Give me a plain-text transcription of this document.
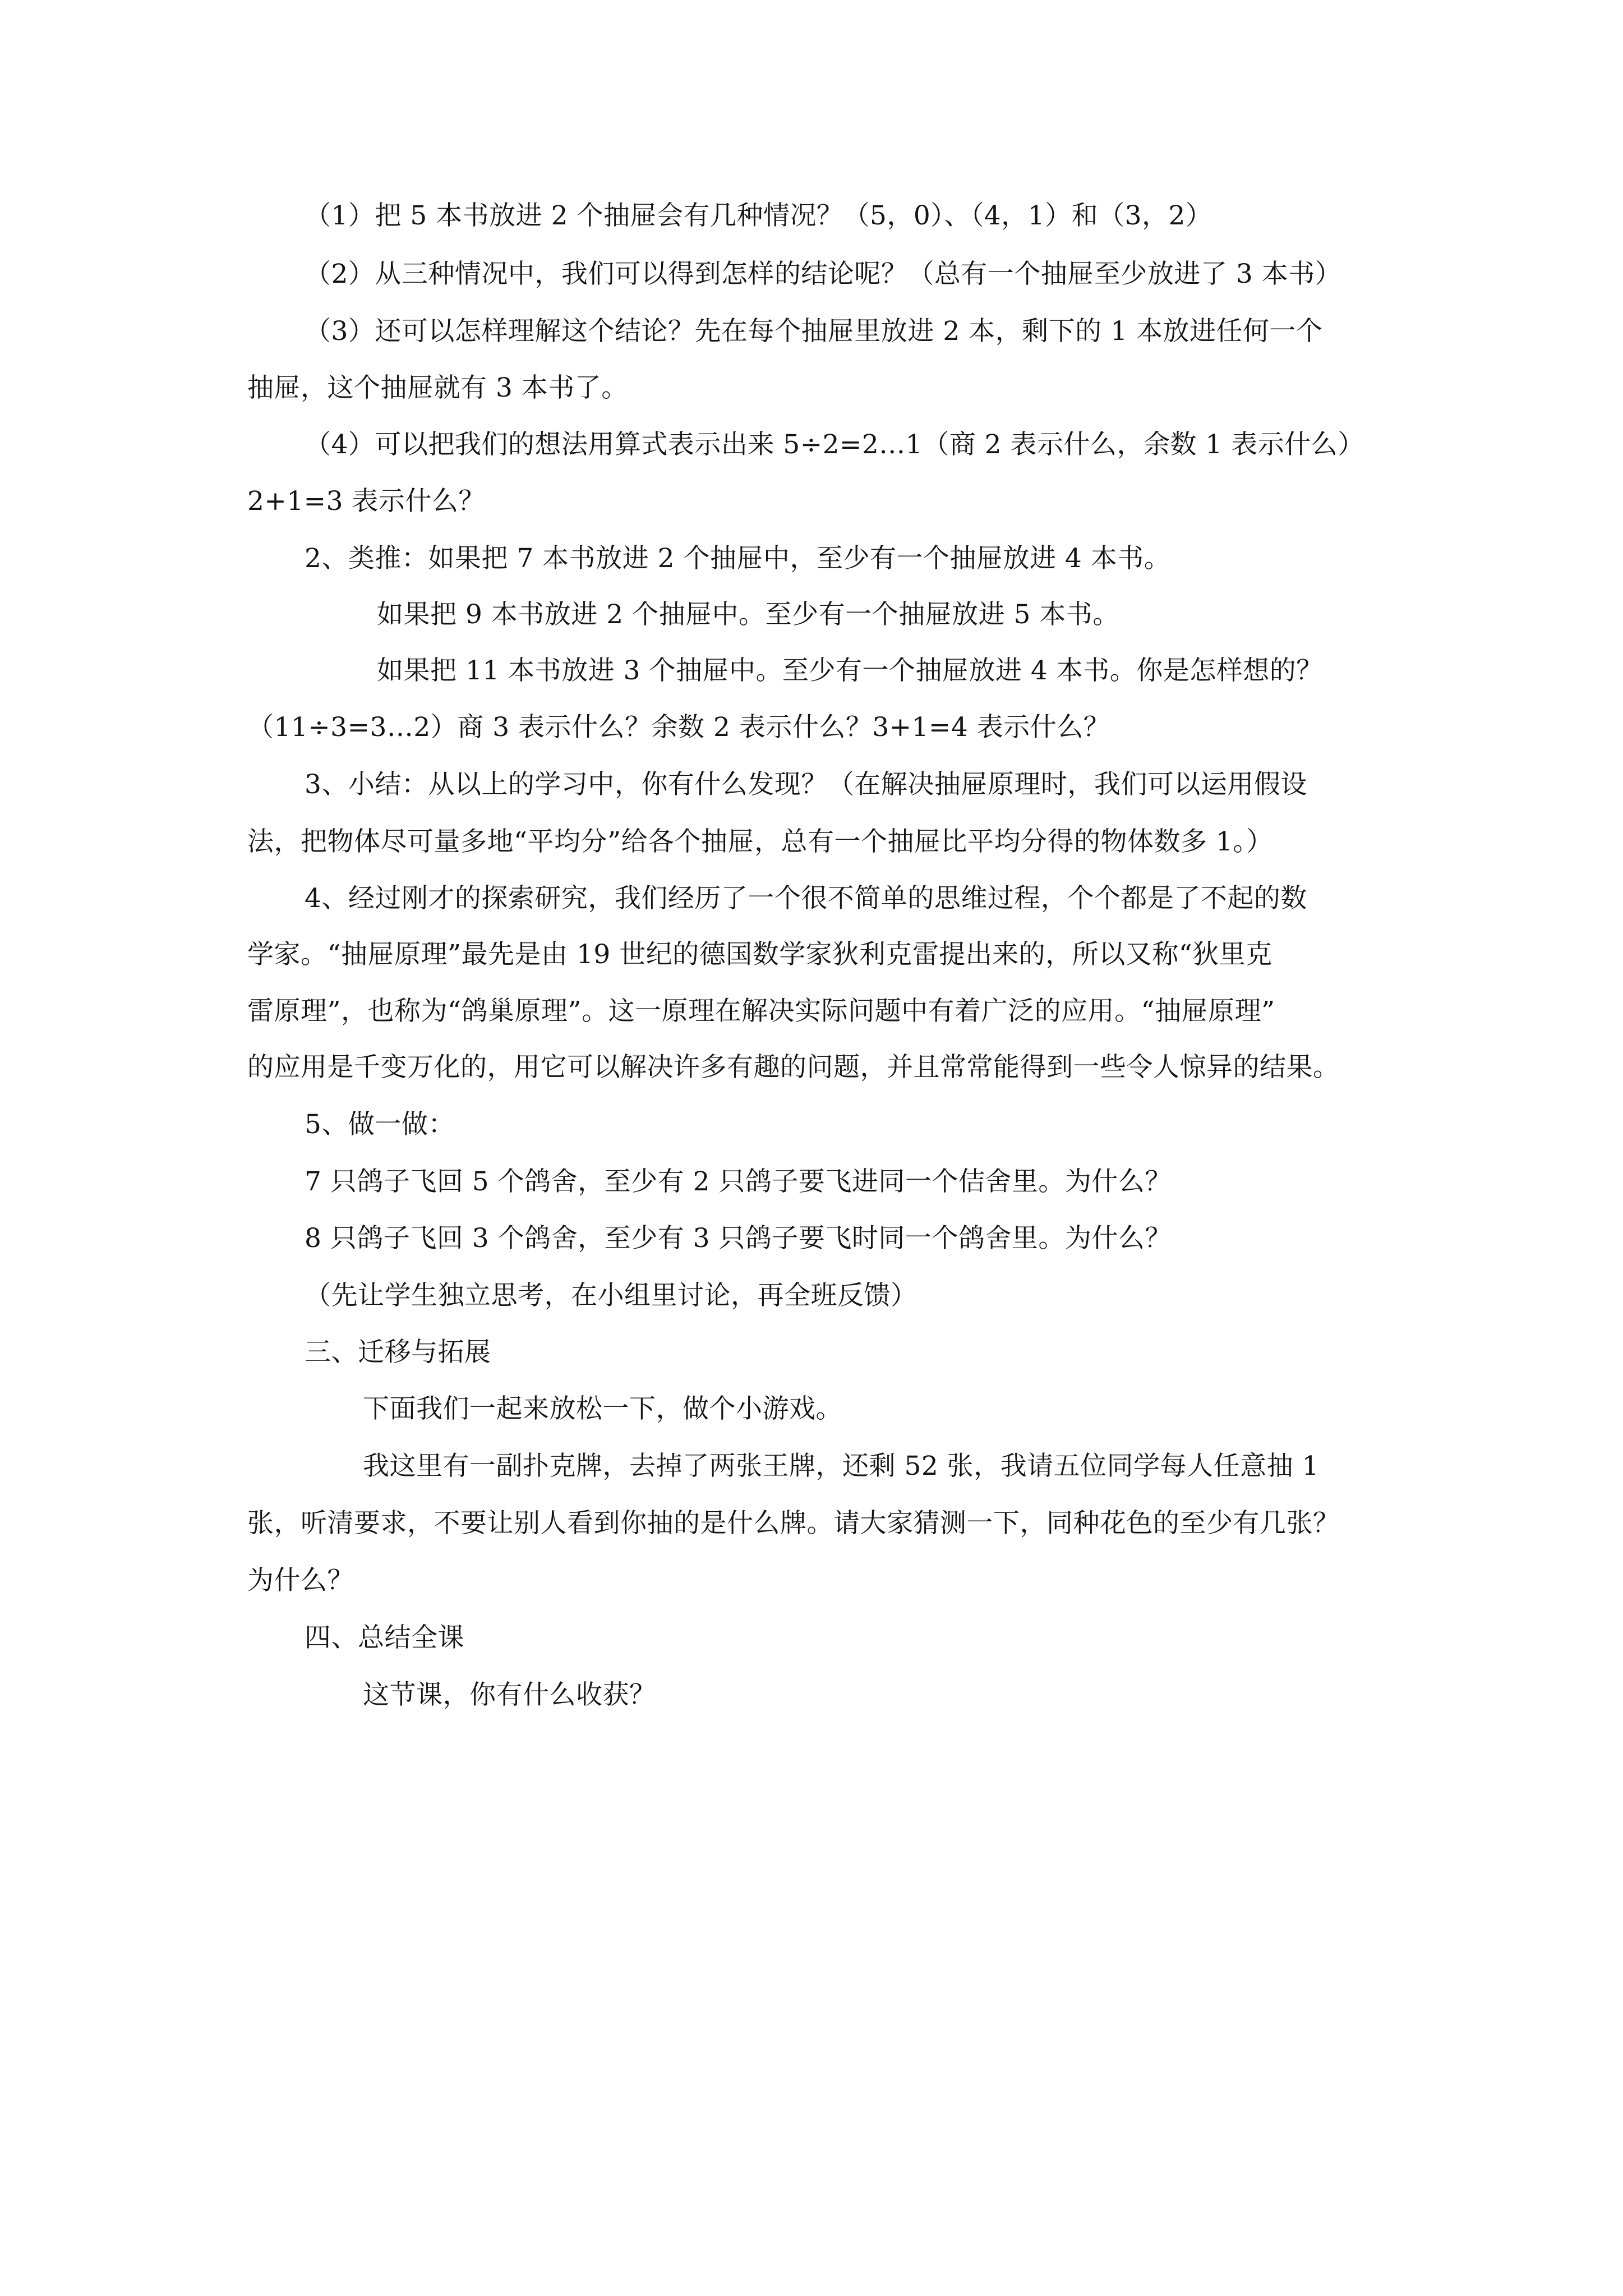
（1）把 5 本书放进 2 个抽屉会有几种情况？（5，0）、（4，1）和（3，2）
（2）从三种情况中，我们可以得到怎样的结论呢？（总有一个抽屉至少放进了 3 本书）
（3）还可以怎样理解这个结论？先在每个抽屉里放进 2 本，剩下的 1 本放进任何一个
抽屉，这个抽屉就有 3 本书了。
（4）可以把我们的想法用算式表示出来 5÷2=2…1（商 2 表示什么，余数 1 表示什么）
2+1=3 表示什么？
2、类推：如果把 7 本书放进 2 个抽屉中，至少有一个抽屉放进 4 本书。
如果把 9 本书放进 2 个抽屉中。至少有一个抽屉放进 5 本书。
如果把 11 本书放进 3 个抽屉中。至少有一个抽屉放进 4 本书。你是怎样想的？
（11÷3=3…2）商 3 表示什么？余数 2 表示什么？3+1=4 表示什么？
3、小结：从以上的学习中，你有什么发现？（在解决抽屉原理时，我们可以运用假设
法，把物体尽可量多地“平均分”给各个抽屉，总有一个抽屉比平均分得的物体数多 1。）
4、经过刚才的探索研究，我们经历了一个很不简单的思维过程，个个都是了不起的数
学家。“抽屉原理”最先是由 19 世纪的德国数学家狄利克雷提出来的，所以又称“狄里克
雷原理”，也称为“鸽巢原理”。这一原理在解决实际问题中有着广泛的应用。“抽屉原理”
的应用是千变万化的，用它可以解决许多有趣的问题，并且常常能得到一些令人惊异的结果。
5、做一做：
7 只鸽子飞回 5 个鸽舍，至少有 2 只鸽子要飞进同一个佶舍里。为什么？
8 只鸽子飞回 3 个鸽舍，至少有 3 只鸽子要飞时同一个鸽舍里。为什么？
（先让学生独立思考，在小组里讨论，再全班反馈）
三、迁移与拓展
下面我们一起来放松一下，做个小游戏。
我这里有一副扑克牌，去掉了两张王牌，还剩 52 张，我请五位同学每人任意抽 1
张，听清要求，不要让别人看到你抽的是什么牌。请大家猜测一下，同种花色的至少有几张？
为什么？
四、总结全课
这节课，你有什么收获？
